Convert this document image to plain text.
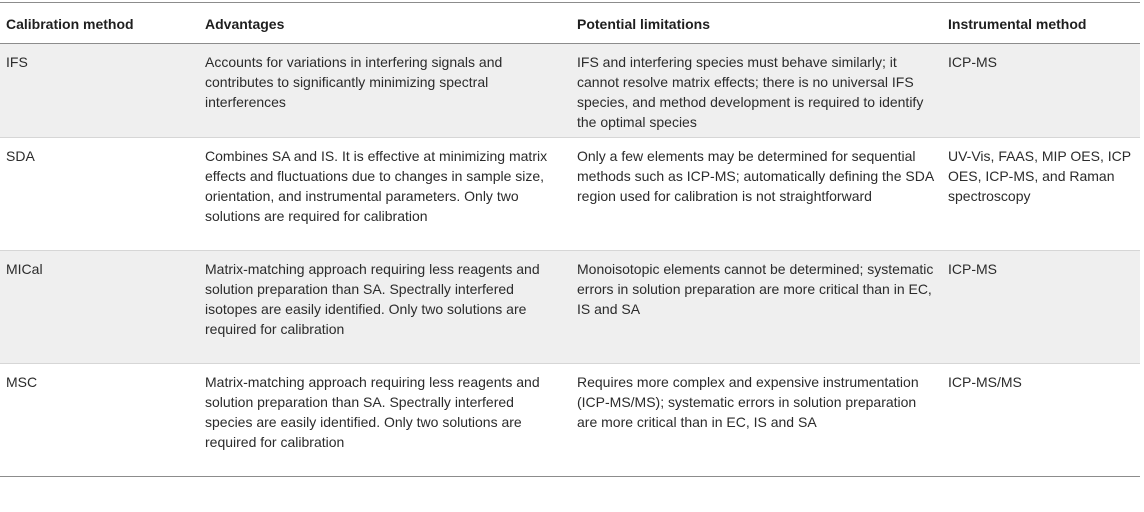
Calibration method	Advantages	Potential limitations	Instrumental method
IFS	Accounts for variations in interfering signals and contributes to significantly minimizing spectral interferences	IFS and interfering species must behave similarly; it cannot resolve matrix effects; there is no universal IFS species, and method development is required to identify the optimal species	ICP-MS
SDA	Combines SA and IS. It is effective at minimizing matrix effects and fluctuations due to changes in sample size, orientation, and instrumental parameters. Only two solutions are required for calibration	Only a few elements may be determined for sequential methods such as ICP-MS; automatically defining the SDA region used for calibration is not straightforward	UV-Vis, FAAS, MIP OES, ICP OES, ICP-MS, and Raman spectroscopy
MICal	Matrix-matching approach requiring less reagents and solution preparation than SA. Spectrally interfered isotopes are easily identified. Only two solutions are required for calibration	Monoisotopic elements cannot be determined; systematic errors in solution preparation are more critical than in EC, IS and SA	ICP-MS
MSC	Matrix-matching approach requiring less reagents and solution preparation than SA. Spectrally interfered species are easily identified. Only two solutions are required for calibration	Requires more complex and expensive instrumentation (ICP-MS/MS); systematic errors in solution preparation are more critical than in EC, IS and SA	ICP-MS/MS
